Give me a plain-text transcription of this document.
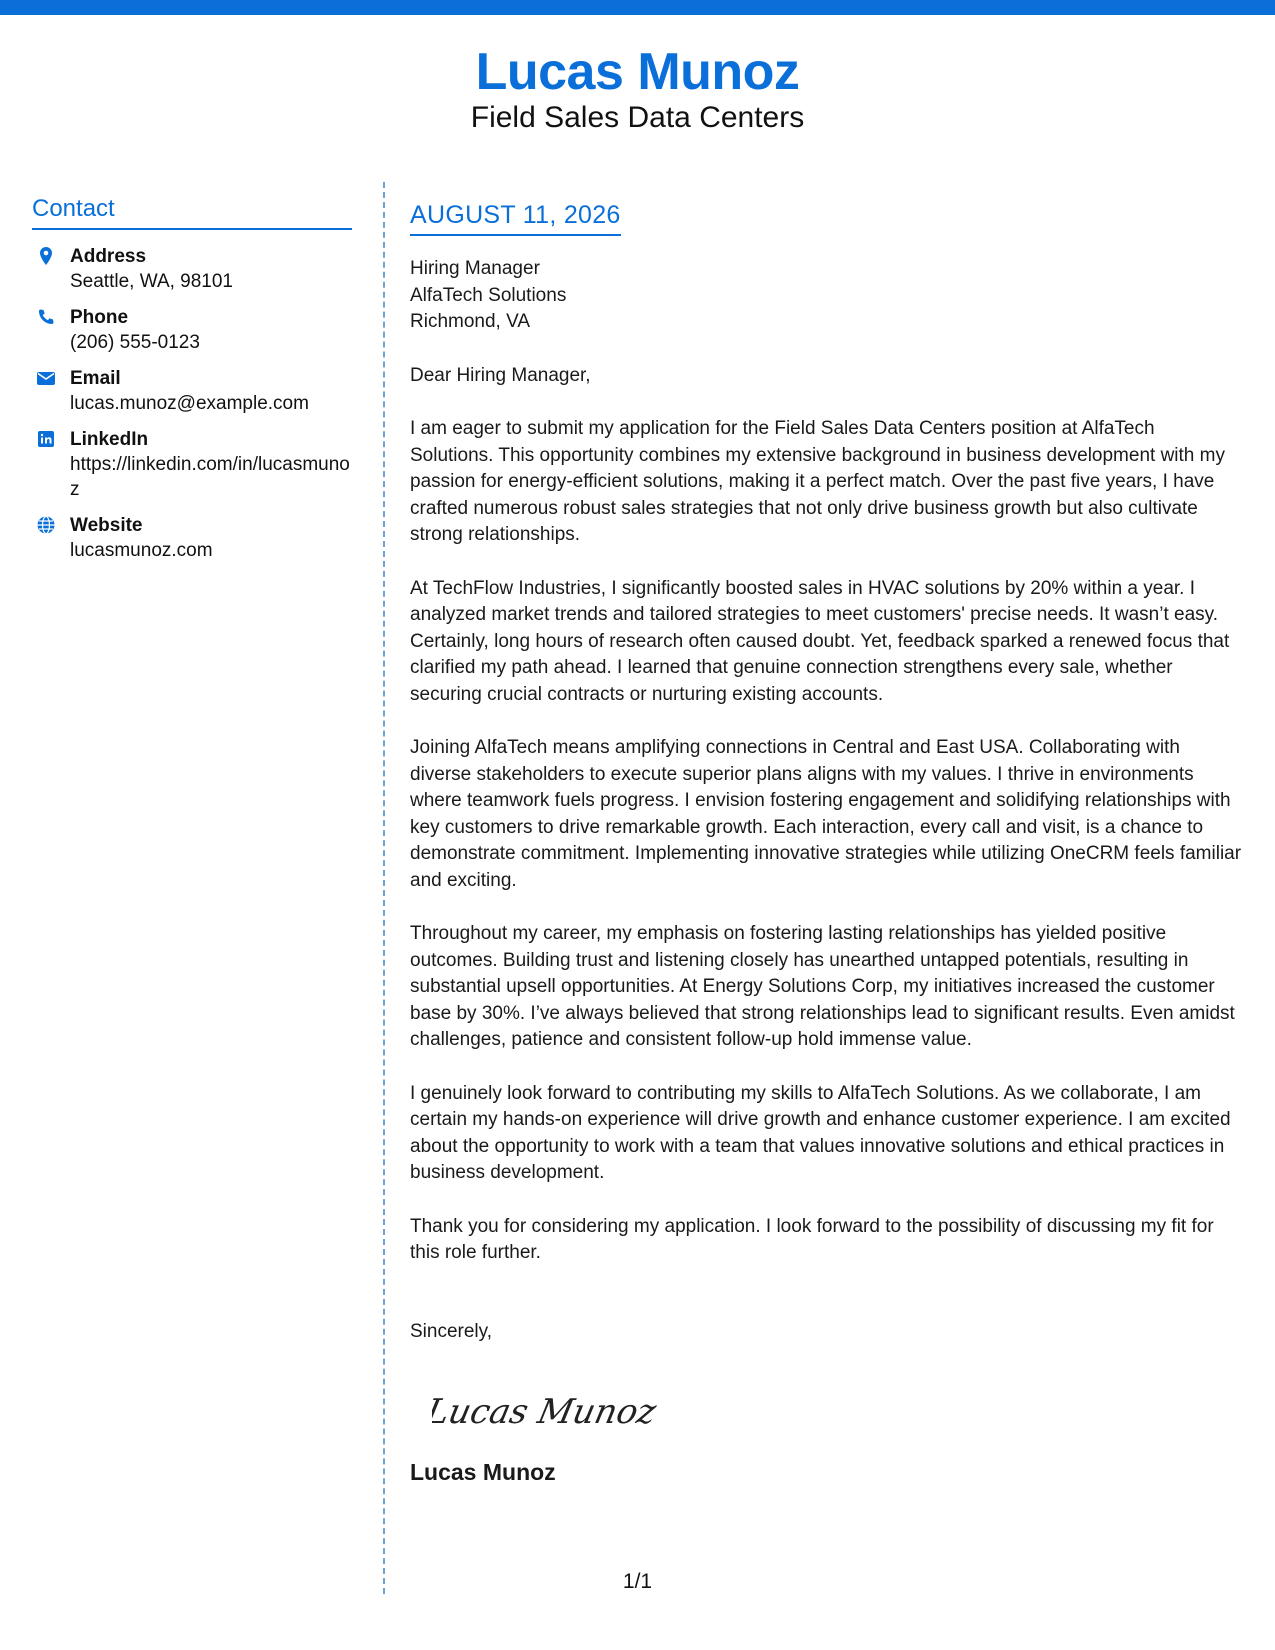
Lucas Munoz
Field Sales Data Centers
Contact
Address
Seattle, WA, 98101
Phone
(206) 555-0123
Email
lucas.munoz@example.com
LinkedIn
https://linkedin.com/in/lucasmunoz
Website
lucasmunoz.com
AUGUST 11, 2026
Hiring Manager
AlfaTech Solutions
Richmond, VA
Dear Hiring Manager,
I am eager to submit my application for the Field Sales Data Centers position at AlfaTech Solutions. This opportunity combines my extensive background in business development with my passion for energy-efficient solutions, making it a perfect match. Over the past five years, I have crafted numerous robust sales strategies that not only drive business growth but also cultivate strong relationships.
At TechFlow Industries, I significantly boosted sales in HVAC solutions by 20% within a year. I analyzed market trends and tailored strategies to meet customers' precise needs. It wasn’t easy. Certainly, long hours of research often caused doubt. Yet, feedback sparked a renewed focus that clarified my path ahead. I learned that genuine connection strengthens every sale, whether securing crucial contracts or nurturing existing accounts.
Joining AlfaTech means amplifying connections in Central and East USA. Collaborating with diverse stakeholders to execute superior plans aligns with my values. I thrive in environments where teamwork fuels progress. I envision fostering engagement and solidifying relationships with key customers to drive remarkable growth. Each interaction, every call and visit, is a chance to demonstrate commitment. Implementing innovative strategies while utilizing OneCRM feels familiar and exciting.
Throughout my career, my emphasis on fostering lasting relationships has yielded positive outcomes. Building trust and listening closely has unearthed untapped potentials, resulting in substantial upsell opportunities. At Energy Solutions Corp, my initiatives increased the customer base by 30%. I’ve always believed that strong relationships lead to significant results. Even amidst challenges, patience and consistent follow-up hold immense value.
I genuinely look forward to contributing my skills to AlfaTech Solutions. As we collaborate, I am certain my hands-on experience will drive growth and enhance customer experience. I am excited about the opportunity to work with a team that values innovative solutions and ethical practices in business development.
Thank you for considering my application. I look forward to the possibility of discussing my fit for this role further.
Sincerely,
Lucas Munoz
Lucas Munoz
1/1
